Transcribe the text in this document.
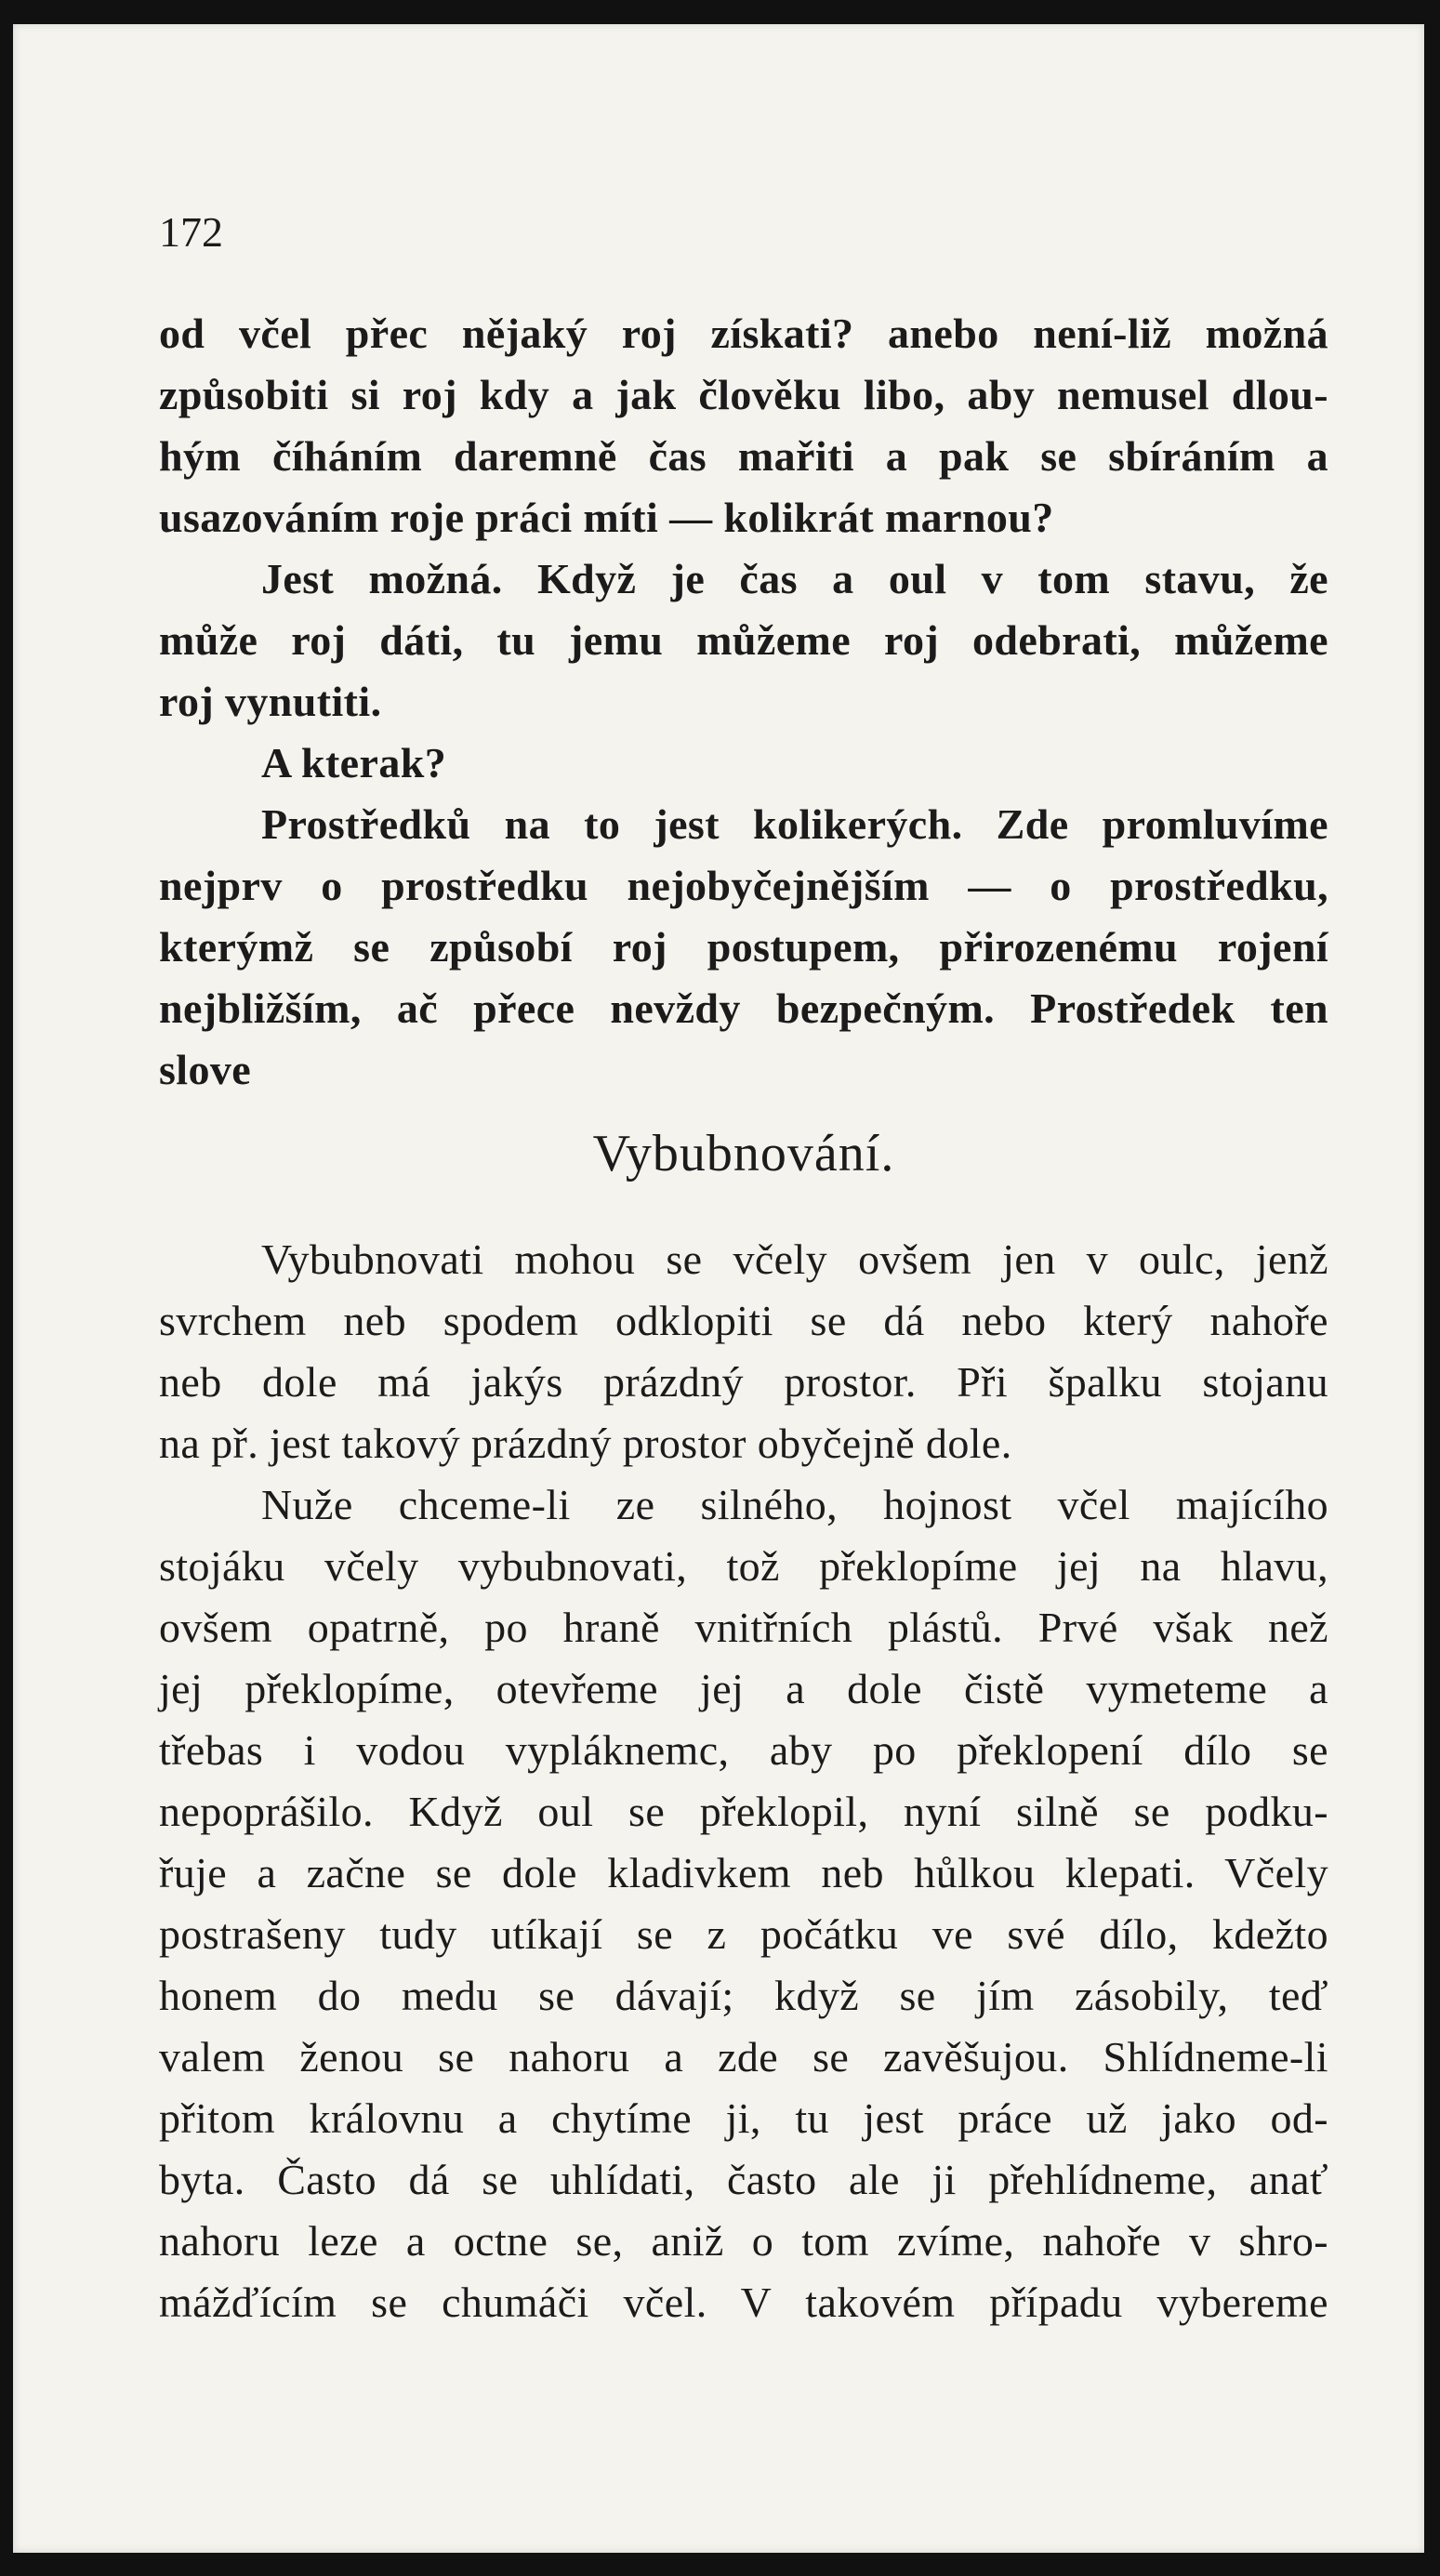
172
od včel přec nějaký roj získati? anebo není-liž možná
způsobiti si roj kdy a jak člověku libo, aby nemusel dlou-
hým číháním daremně čas mařiti a pak se sbíráním a
usazováním roje práci míti — kolikrát marnou?
Jest možná. Když je čas a oul v tom stavu, že
může roj dáti, tu jemu můžeme roj odebrati, můžeme
roj vynutiti.
A kterak?
Prostředků na to jest kolikerých. Zde promluvíme
nejprv o prostředku nejobyčejnějším — o prostředku,
kterýmž se způsobí roj postupem, přirozenému rojení
nejbližším, ač přece nevždy bezpečným. Prostředek ten
slove
Vybubnování.
Vybubnovati mohou se včely ovšem jen v oulc, jenž
svrchem neb spodem odklopiti se dá nebo který nahoře
neb dole má jakýs prázdný prostor. Při špalku stojanu
na př. jest takový prázdný prostor obyčejně dole.
Nuže chceme-li ze silného, hojnost včel majícího
stojáku včely vybubnovati, tož překlopíme jej na hlavu,
ovšem opatrně, po hraně vnitřních plástů. Prvé však než
jej překlopíme, otevřeme jej a dole čistě vymeteme a
třebas i vodou vypláknemc, aby po překlopení dílo se
nepoprášilo. Když oul se překlopil, nyní silně se podku-
řuje a začne se dole kladivkem neb hůlkou klepati. Včely
postrašeny tudy utíkají se z počátku ve své dílo, kdežto
honem do medu se dávají; když se jím zásobily, teď
valem ženou se nahoru a zde se zavěšujou. Shlídneme-li
přitom královnu a chytíme ji, tu jest práce už jako od-
byta. Často dá se uhlídati, často ale ji přehlídneme, anať
nahoru leze a octne se, aniž o tom zvíme, nahoře v shro-
mážďícím se chumáči včel. V takovém případu vybereme
